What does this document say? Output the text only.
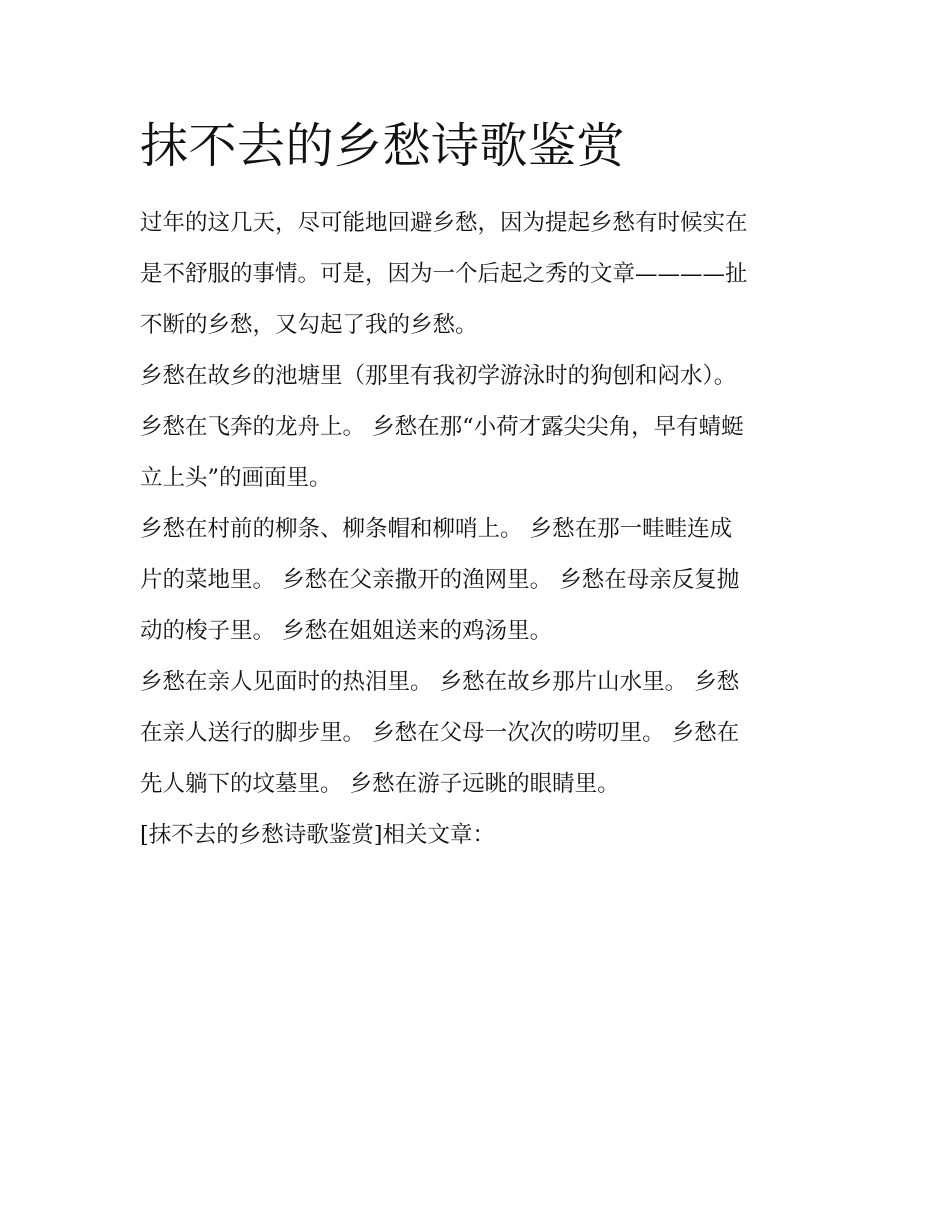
抹不去的乡愁诗歌鉴赏

过年的这几天，尽可能地回避乡愁，因为提起乡愁有时候实在

是不舒服的事情。可是，因为一个后起之秀的文章————扯

不断的乡愁，又勾起了我的乡愁。

乡愁在故乡的池塘里（那里有我初学游泳时的狗刨和闷水）。

乡愁在飞奔的龙舟上。 乡愁在那“小荷才露尖尖角，早有蜻蜓

立上头”的画面里。

乡愁在村前的柳条、柳条帽和柳哨上。 乡愁在那一畦畦连成

片的菜地里。 乡愁在父亲撒开的渔网里。 乡愁在母亲反复抛

动的梭子里。 乡愁在姐姐送来的鸡汤里。

乡愁在亲人见面时的热泪里。 乡愁在故乡那片山水里。 乡愁

在亲人送行的脚步里。 乡愁在父母一次次的唠叨里。 乡愁在

先人躺下的坟墓里。 乡愁在游子远眺的眼睛里。

[抹不去的乡愁诗歌鉴赏]相关文章：
